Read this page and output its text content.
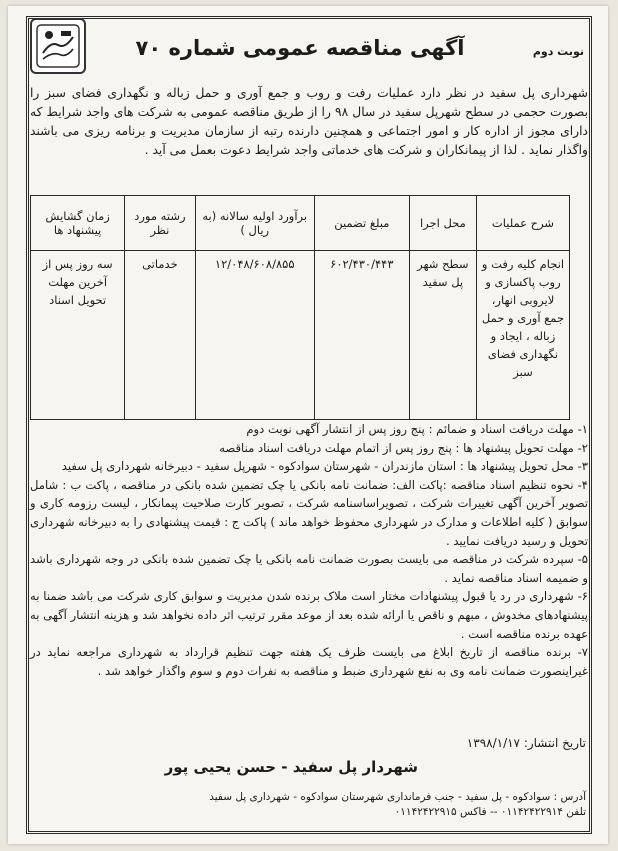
نوبت دوم
آگهی مناقصه عمومی شماره ۷۰
شهرداری پل سفید در نظر دارد عملیات رفت و روب و جمع آوری و حمل زباله و نگهداری فضای سبز را بصورت حجمی در سطح شهرپل سفید در سال ۹۸ را از طریق مناقصه عمومی به شرکت های واجد شرایط که دارای مجوز از اداره کار و امور اجتماعی و همچنین دارنده رتبه از سازمان مدیریت و برنامه ریزی می باشند واگذار نماید . لذا از پیمانکاران و شرکت های خدماتی واجد شرایط دعوت بعمل می آید .
شرح عملیات	محل اجرا	مبلغ تضمین	برآورد اولیه سالانه (به ریال )	رشته مورد نظر	زمان گشایش پیشنهاد ها
انجام کلیه رفت و روب پاکسازی و لایروبی انهار، جمع آوری و حمل زباله ، ایجاد و نگهداری فضای سبز	سطح شهر پل سفید	۶۰۲/۴۳۰/۴۴۳	۱۲/۰۴۸/۶۰۸/۸۵۵	خدماتی	سه روز پس از آخرین مهلت تحویل اسناد

۱- مهلت دریافت اسناد و ضمائم : پنج روز پس از انتشار آگهی نوبت دوم

۲- مهلت تحویل پیشنهاد ها : پنج روز پس از اتمام مهلت دریافت اسناد مناقصه

۳- محل تحویل پیشنهاد ها : استان مازندران - شهرستان سوادکوه - شهرپل سفید - دبیرخانه شهرداری پل سفید

۴- نحوه تنظیم اسناد مناقصه :پاکت الف: ضمانت نامه بانکی یا چک تضمین شده بانکی در مناقصه ، پاکت ب : شامل تصویر آخرین آگهی تغییرات شرکت ، تصویراساسنامه شرکت ، تصویر کارت صلاحیت پیمانکار ، لیست رزومه کاری و سوابق ( کلیه اطلاعات و مدارک در شهرداری محفوظ خواهد ماند ) پاکت ج : قیمت پیشنهادی را به دبیرخانه شهرداری تحویل و رسید دریافت نمایید .

۵- سپرده شرکت در مناقصه می بایست بصورت ضمانت نامه بانکی یا چک تضمین شده بانکی در وجه شهرداری باشد و ضمیمه اسناد مناقصه نماید .

۶- شهرداری در رد یا قبول پیشنهادات مختار است ملاک برنده شدن مدیریت و سوابق کاری شرکت می باشد ضمنا به پیشنهادهای مخدوش ، مبهم و ناقص یا ارائه شده بعد از موعد مقرر ترتیب اثر داده نخواهد شد و هزینه انتشار آگهی به عهده برنده مناقصه است .

۷- برنده مناقصه از تاریخ ابلاغ می بایست ظرف یک هفته جهت تنظیم قرارداد به شهرداری مراجعه نماید در غیراینصورت ضمانت نامه وی به نفع شهرداری ضبط و مناقصه به نفرات دوم و سوم واگذار خواهد شد .

تاریخ انتشار: ۱۳۹۸/۱/۱۷
شهردار پل سفید - حسن یحیی پور
آدرس : سوادکوه - پل سفید - جنب فرمانداری شهرستان سوادکوه - شهرداری پل سفید
تلفن ۰۱۱۴۲۴۲۲۹۱۴ -- فاکس ۰۱۱۴۲۴۲۲۹۱۵
